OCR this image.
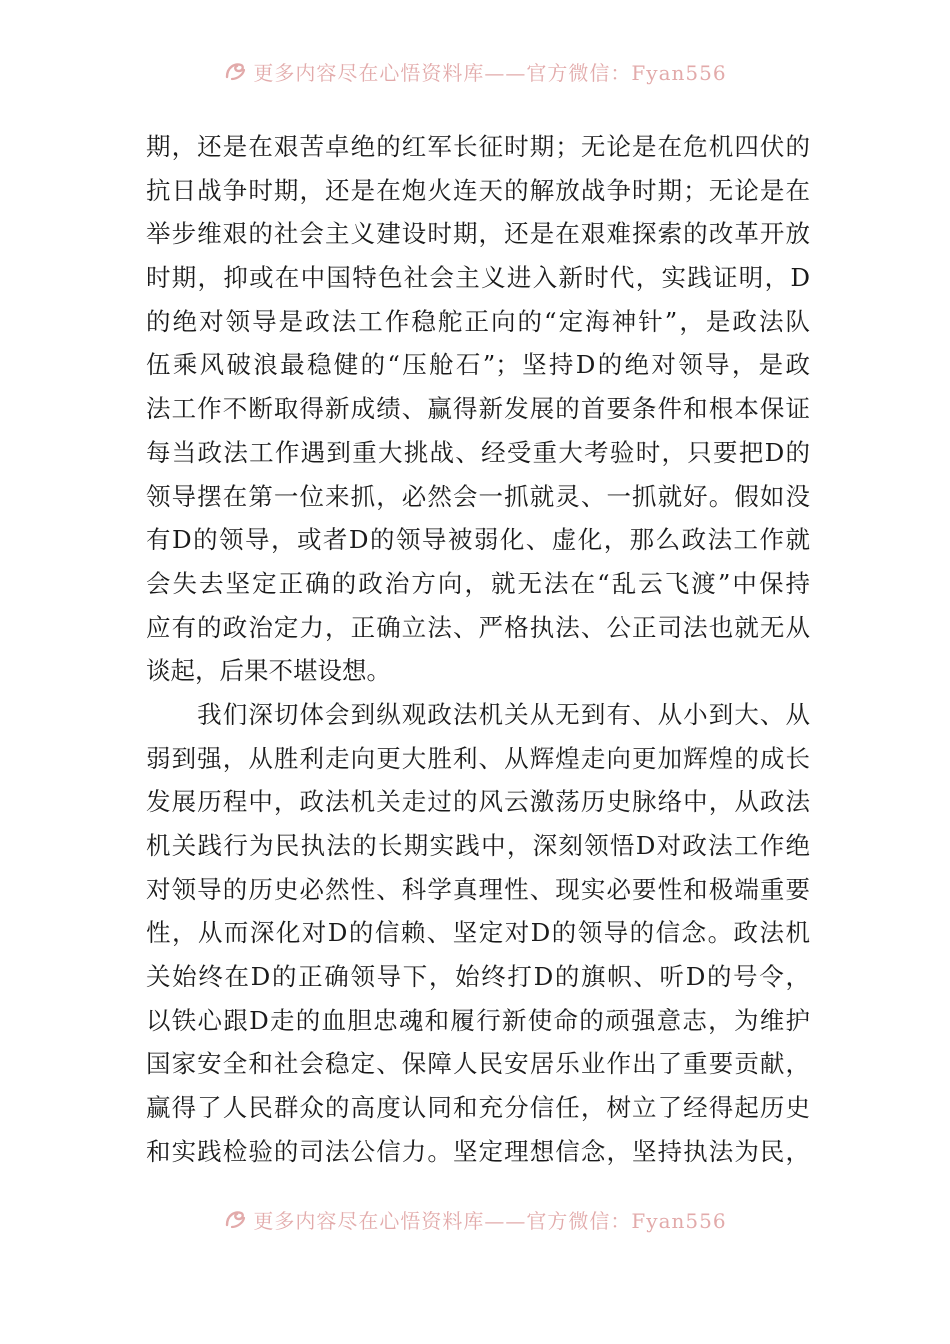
更多内容尽在心悟资料库——官方微信：Fyan556
期，还是在艰苦卓绝的红军长征时期；无论是在危机四伏的
抗日战争时期，还是在炮火连天的解放战争时期；无论是在
举步维艰的社会主义建设时期，还是在艰难探索的改革开放
时期，抑或在中国特色社会主义进入新时代，实践证明，D
的绝对领导是政法工作稳舵正向的“定海神针”，是政法队
伍乘风破浪最稳健的“压舱石”；坚持D的绝对领导，是政
法工作不断取得新成绩、赢得新发展的首要条件和根本保证
每当政法工作遇到重大挑战、经受重大考验时，只要把D的
领导摆在第一位来抓，必然会一抓就灵、一抓就好。假如没
有D的领导，或者D的领导被弱化、虚化，那么政法工作就
会失去坚定正确的政治方向，就无法在“乱云飞渡”中保持
应有的政治定力，正确立法、严格执法、公正司法也就无从
谈起，后果不堪设想。
　　我们深切体会到纵观政法机关从无到有、从小到大、从
弱到强，从胜利走向更大胜利、从辉煌走向更加辉煌的成长
发展历程中，政法机关走过的风云激荡历史脉络中，从政法
机关践行为民执法的长期实践中，深刻领悟D对政法工作绝
对领导的历史必然性、科学真理性、现实必要性和极端重要
性，从而深化对D的信赖、坚定对D的领导的信念。政法机
关始终在D的正确领导下，始终打D的旗帜、听D的号令，
以铁心跟D走的血胆忠魂和履行新使命的顽强意志，为维护
国家安全和社会稳定、保障人民安居乐业作出了重要贡献，
赢得了人民群众的高度认同和充分信任，树立了经得起历史
和实践检验的司法公信力。坚定理想信念，坚持执法为民，
更多内容尽在心悟资料库——官方微信：Fyan556
